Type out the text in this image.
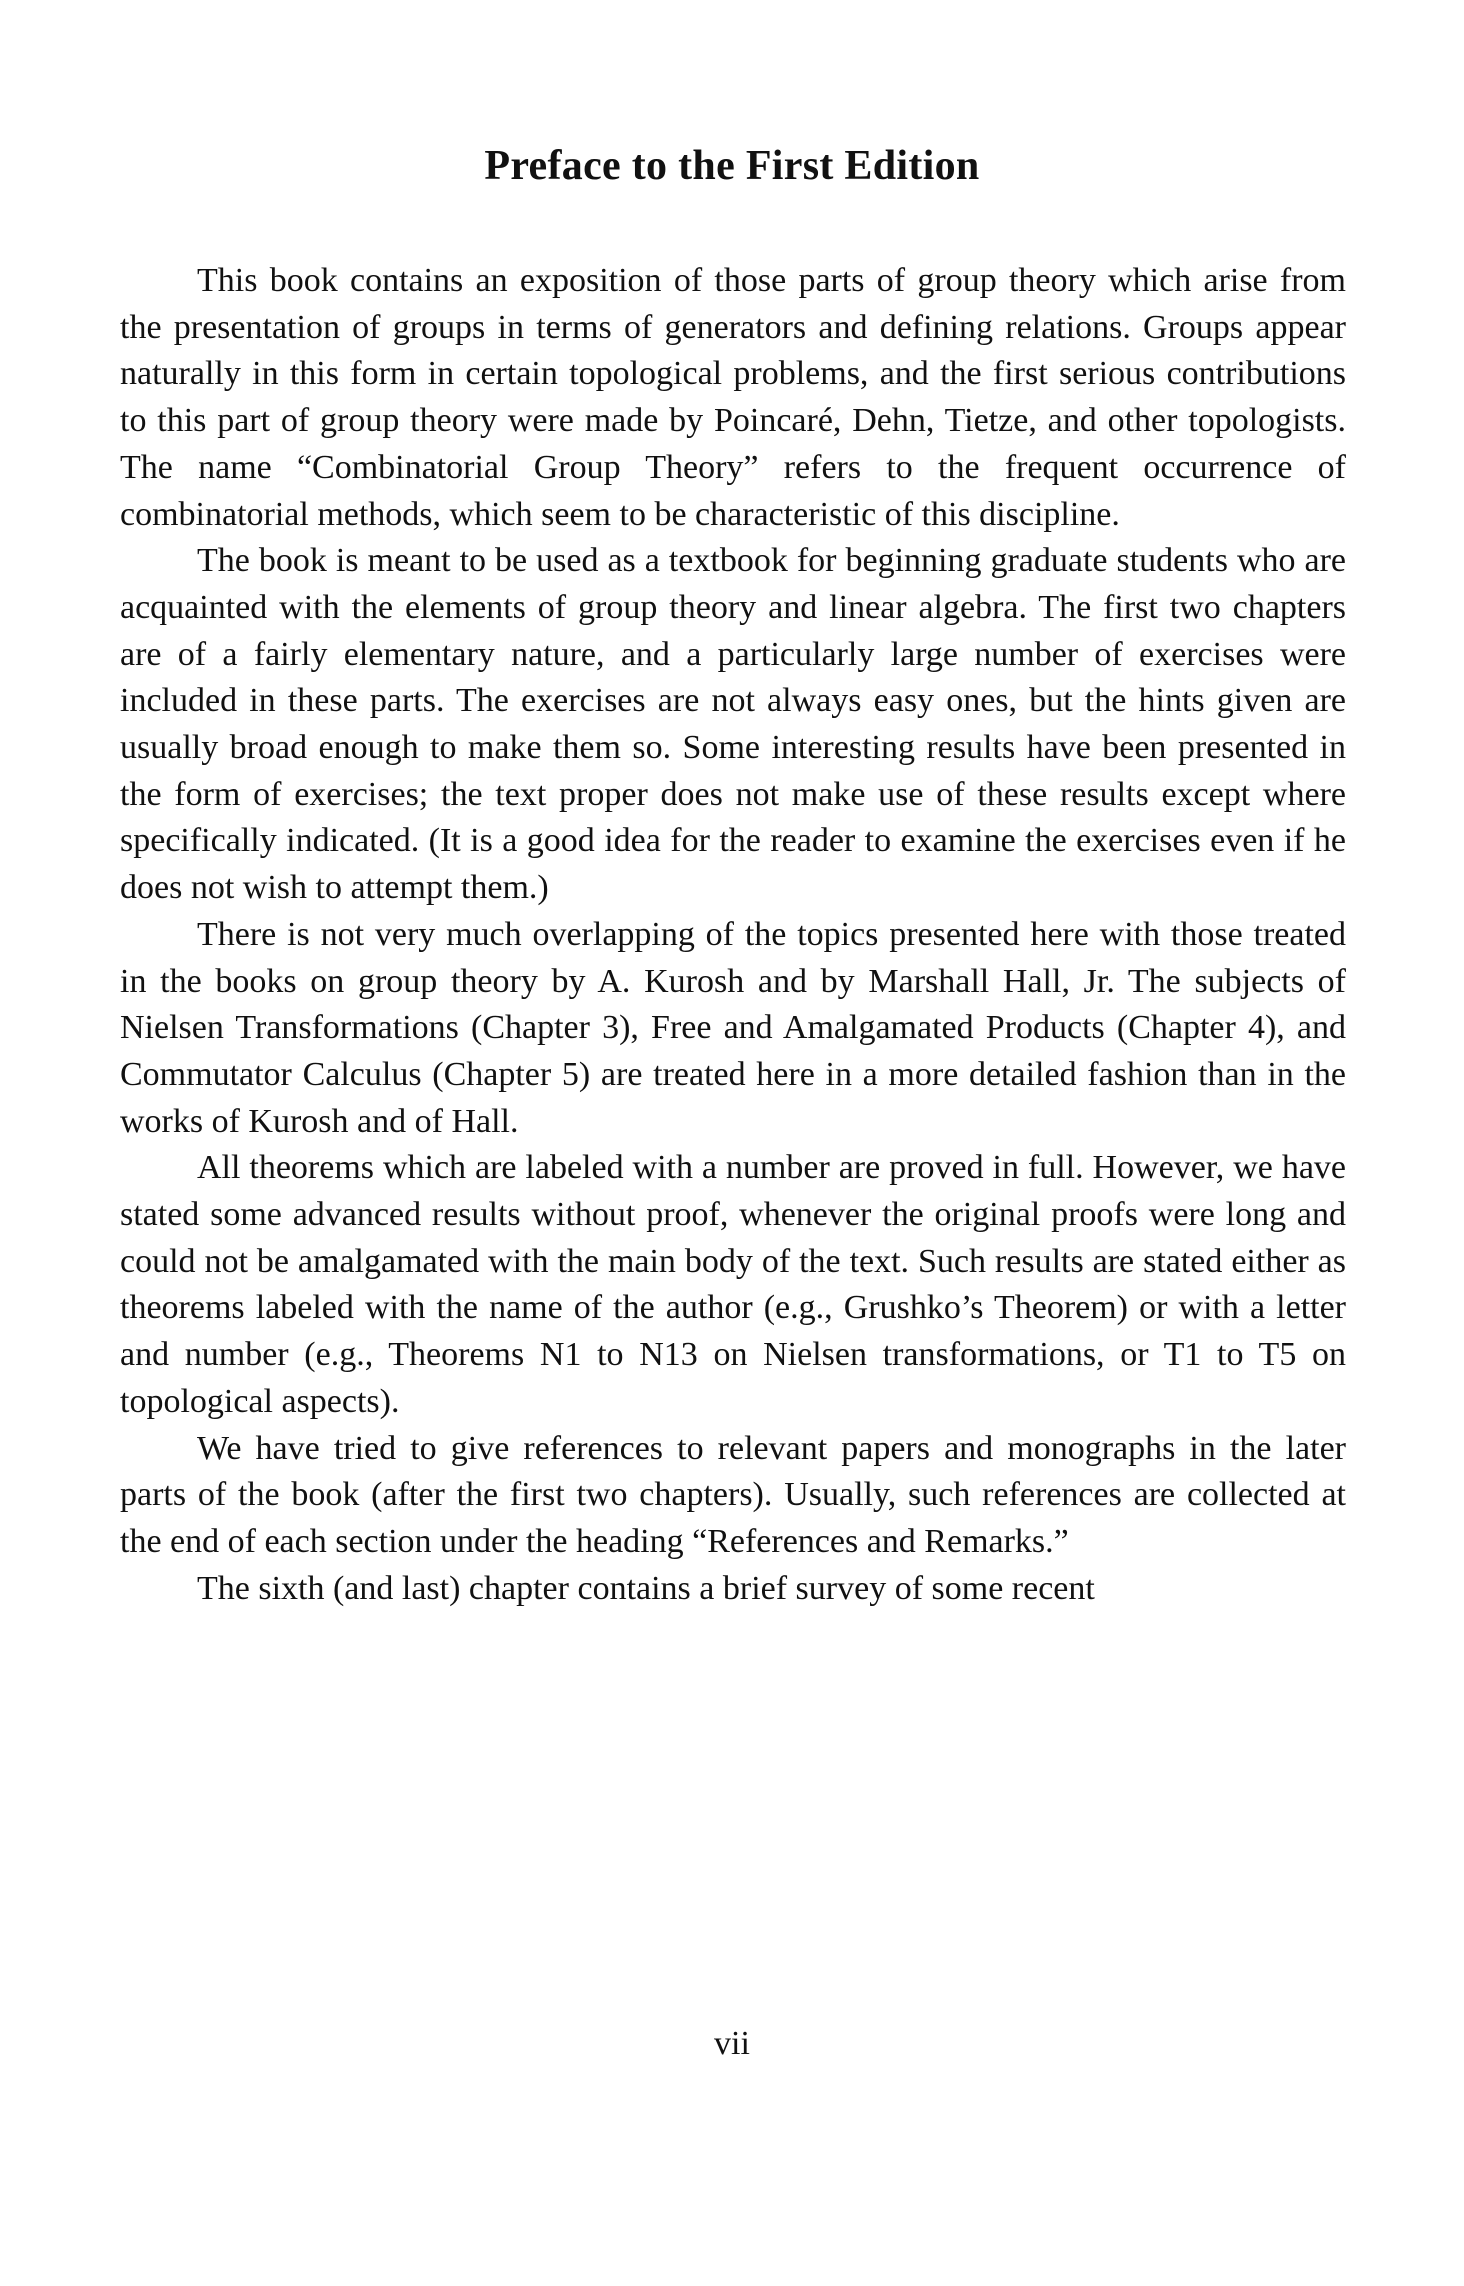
Preface to the First Edition

This book contains an exposition of those parts of group theory which arise from the presentation of groups in terms of generators and defining relations. Groups appear naturally in this form in certain topological problems, and the first serious contributions to this part of group theory were made by Poincaré, Dehn, Tietze, and other topologists. The name “Combinatorial Group Theory” refers to the frequent occurrence of combinatorial methods, which seem to be characteristic of this discipline.

The book is meant to be used as a textbook for beginning graduate students who are acquainted with the elements of group theory and linear algebra. The first two chapters are of a fairly elementary nature, and a particularly large number of exercises were included in these parts. The exercises are not always easy ones, but the hints given are usually broad enough to make them so. Some interesting results have been presented in the form of exercises; the text proper does not make use of these results except where specifically indicated. (It is a good idea for the reader to examine the exercises even if he does not wish to attempt them.)

There is not very much overlapping of the topics presented here with those treated in the books on group theory by A. Kurosh and by Marshall Hall, Jr. The subjects of Nielsen Transformations (Chapter 3), Free and Amalgamated Products (Chapter 4), and Commutator Calculus (Chapter 5) are treated here in a more detailed fashion than in the works of Kurosh and of Hall.

All theorems which are labeled with a number are proved in full. However, we have stated some advanced results without proof, whenever the original proofs were long and could not be amalgamated with the main body of the text. Such results are stated either as theorems labeled with the name of the author (e.g., Grushko’s Theorem) or with a letter and number (e.g., Theorems N1 to N13 on Nielsen transformations, or T1 to T5 on topological aspects).

We have tried to give references to relevant papers and monographs in the later parts of the book (after the first two chapters). Usually, such references are collected at the end of each section under the heading “References and Remarks.”

The sixth (and last) chapter contains a brief survey of some recent

vii
